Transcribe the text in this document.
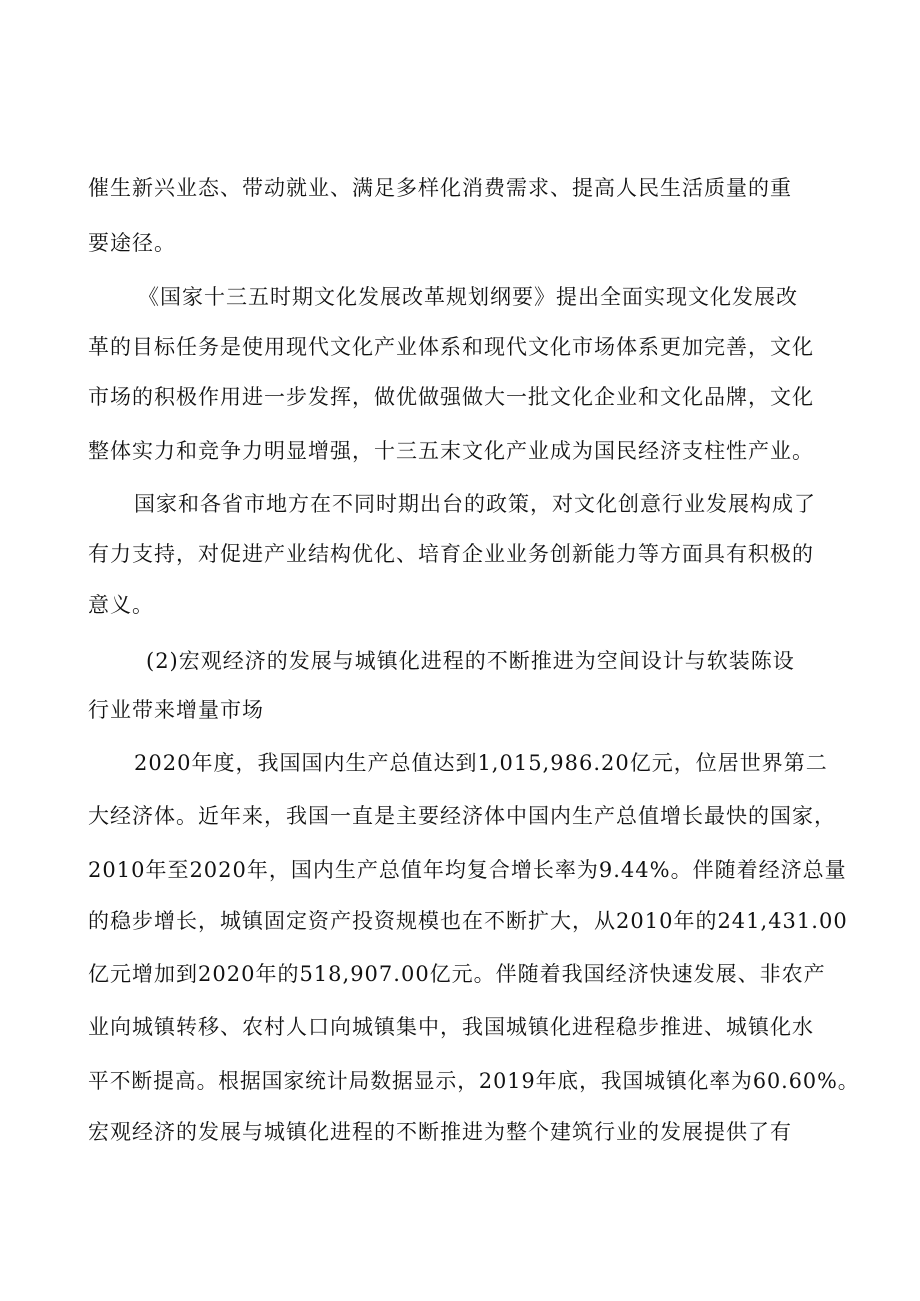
催生新兴业态、带动就业、满足多样化消费需求、提高人民生活质量的重
要途径。
《国家十三五时期文化发展改革规划纲要》提出全面实现文化发展改
革的目标任务是使用现代文化产业体系和现代文化市场体系更加完善，文化
市场的积极作用进一步发挥，做优做强做大一批文化企业和文化品牌，文化
整体实力和竞争力明显增强，十三五末文化产业成为国民经济支柱性产业。
国家和各省市地方在不同时期出台的政策，对文化创意行业发展构成了
有力支持，对促进产业结构优化、培育企业业务创新能力等方面具有积极的
意义。
(2)宏观经济的发展与城镇化进程的不断推进为空间设计与软装陈设
行业带来增量市场
2020年度，我国国内生产总值达到1,015,986.20亿元，位居世界第二
大经济体。近年来，我国一直是主要经济体中国内生产总值增长最快的国家，
2010年至2020年，国内生产总值年均复合增长率为9.44%。伴随着经济总量
的稳步增长，城镇固定资产投资规模也在不断扩大，从2010年的241,431.00
亿元增加到2020年的518,907.00亿元。伴随着我国经济快速发展、非农产
业向城镇转移、农村人口向城镇集中，我国城镇化进程稳步推进、城镇化水
平不断提高。根据国家统计局数据显示，2019年底，我国城镇化率为60.60%。
宏观经济的发展与城镇化进程的不断推进为整个建筑行业的发展提供了有
